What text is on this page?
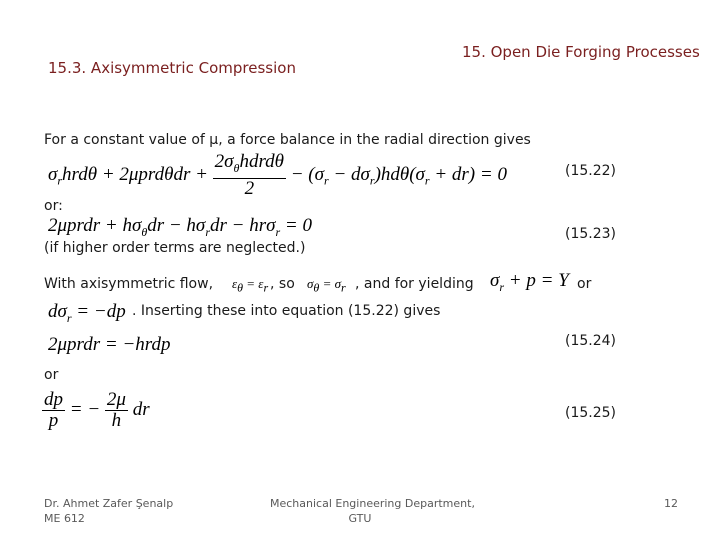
15.3. Axisymmetric Compression
15. Open Die Forging Processes
For a constant value of μ, a force balance in the radial direction gives
$\sigma_rhrd\theta + 2\mu prd\theta dr + \frac{2\sigma_\theta hdrd\theta}{2} - (\sigma_r - d\sigma_r)hd\theta(\sigma_r + dr) = 0$	(15.22)
or:
2μprdr + $h\sigma_\theta dr - h\sigma_rdr - hr\sigma_r = 0$	(15.23)
(if higher order terms are neglected.)
With axisymmetric flow, $\varepsilon_\theta = \varepsilon_r$ , so $\sigma_\theta = \sigma_r$ , and for yielding $\sigma_r + p = Y$ or
$d\sigma_r = -dp$ . Inserting these into equation (15.22) gives
2μprdr = −hrdp	(15.24)
or
$\frac{dp}{p}$ = − $\frac{2\mu}{h}$ dr	(15.25)
Dr. Ahmet Zafer Şenalp
ME 612
Mechanical Engineering Department,
GTU
12
